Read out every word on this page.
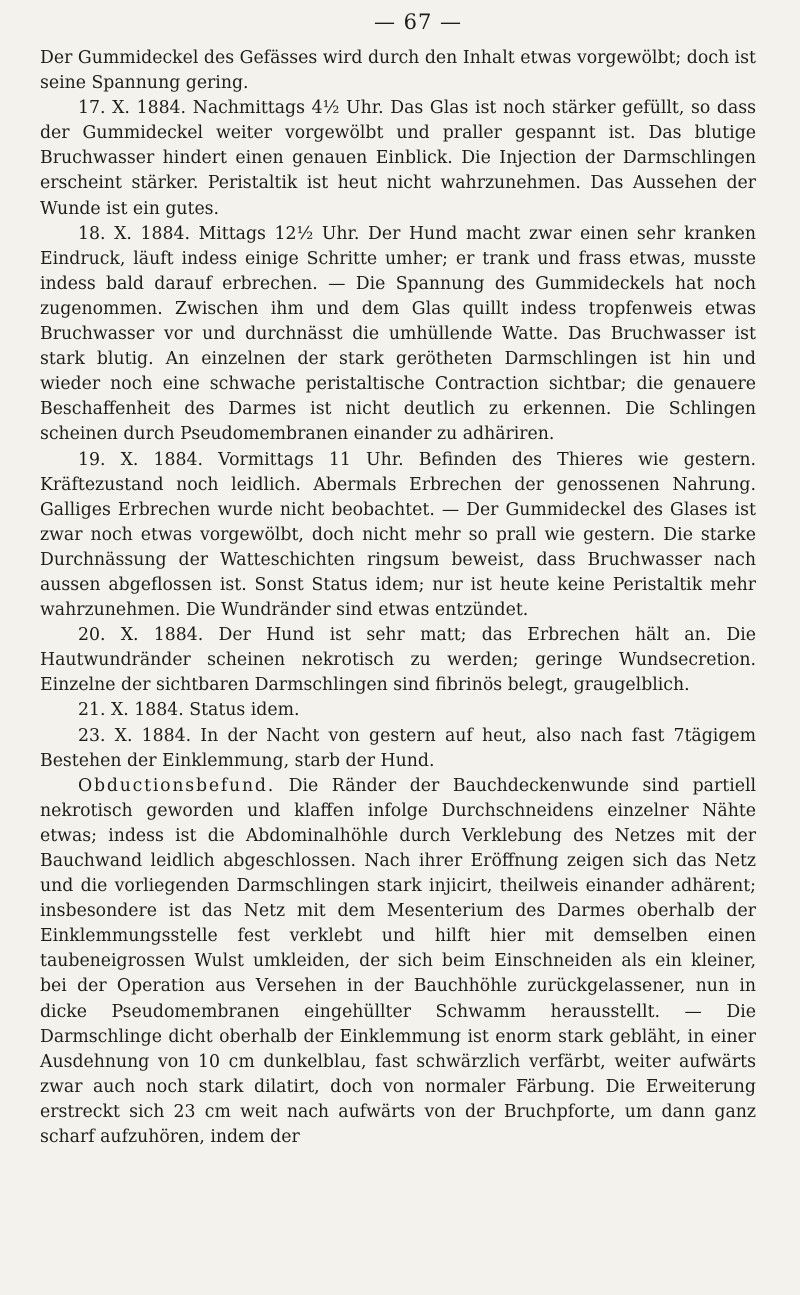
— 67 —

Der Gummideckel des Gefässes wird durch den Inhalt etwas vorgewölbt; doch ist seine Spannung gering.

17. X. 1884. Nachmittags 4½ Uhr. Das Glas ist noch stärker gefüllt, so dass der Gummideckel weiter vorgewölbt und praller gespannt ist. Das blutige Bruchwasser hindert einen genauen Einblick. Die Injection der Darmschlingen erscheint stärker. Peristaltik ist heut nicht wahrzunehmen. Das Aussehen der Wunde ist ein gutes.

18. X. 1884. Mittags 12½ Uhr. Der Hund macht zwar einen sehr kranken Eindruck, läuft indess einige Schritte umher; er trank und frass etwas, musste indess bald darauf erbrechen. — Die Spannung des Gummideckels hat noch zugenommen. Zwischen ihm und dem Glas quillt indess tropfenweis etwas Bruchwasser vor und durchnässt die umhüllende Watte. Das Bruchwasser ist stark blutig. An einzelnen der stark gerötheten Darmschlingen ist hin und wieder noch eine schwache peristaltische Contraction sichtbar; die genauere Beschaffenheit des Darmes ist nicht deutlich zu erkennen. Die Schlingen scheinen durch Pseudomembranen einander zu adhäriren.

19. X. 1884. Vormittags 11 Uhr. Befinden des Thieres wie gestern. Kräftezustand noch leidlich. Abermals Erbrechen der genossenen Nahrung. Galliges Erbrechen wurde nicht beobachtet. — Der Gummideckel des Glases ist zwar noch etwas vorgewölbt, doch nicht mehr so prall wie gestern. Die starke Durchnässung der Watteschichten ringsum beweist, dass Bruchwasser nach aussen abgeflossen ist. Sonst Status idem; nur ist heute keine Peristaltik mehr wahrzunehmen. Die Wundränder sind etwas entzündet.

20. X. 1884. Der Hund ist sehr matt; das Erbrechen hält an. Die Hautwundränder scheinen nekrotisch zu werden; geringe Wundsecretion. Einzelne der sichtbaren Darmschlingen sind fibrinös belegt, graugelblich.

21. X. 1884. Status idem.

23. X. 1884. In der Nacht von gestern auf heut, also nach fast 7tägigem Bestehen der Einklemmung, starb der Hund.

Obductionsbefund. Die Ränder der Bauchdeckenwunde sind partiell nekrotisch geworden und klaffen infolge Durchschneidens einzelner Nähte etwas; indess ist die Abdominalhöhle durch Verklebung des Netzes mit der Bauchwand leidlich abgeschlossen. Nach ihrer Eröffnung zeigen sich das Netz und die vorliegenden Darmschlingen stark injicirt, theilweis einander adhärent; insbesondere ist das Netz mit dem Mesenterium des Darmes oberhalb der Einklemmungsstelle fest verklebt und hilft hier mit demselben einen taubeneigrossen Wulst umkleiden, der sich beim Einschneiden als ein kleiner, bei der Operation aus Versehen in der Bauchhöhle zurückgelassener, nun in dicke Pseudomembranen eingehüllter Schwamm herausstellt. — Die Darmschlinge dicht oberhalb der Einklemmung ist enorm stark gebläht, in einer Ausdehnung von 10 cm dunkelblau, fast schwärzlich verfärbt, weiter aufwärts zwar auch noch stark dilatirt, doch von normaler Färbung. Die Erweiterung erstreckt sich 23 cm weit nach aufwärts von der Bruchpforte, um dann ganz scharf aufzuhören, indem der
